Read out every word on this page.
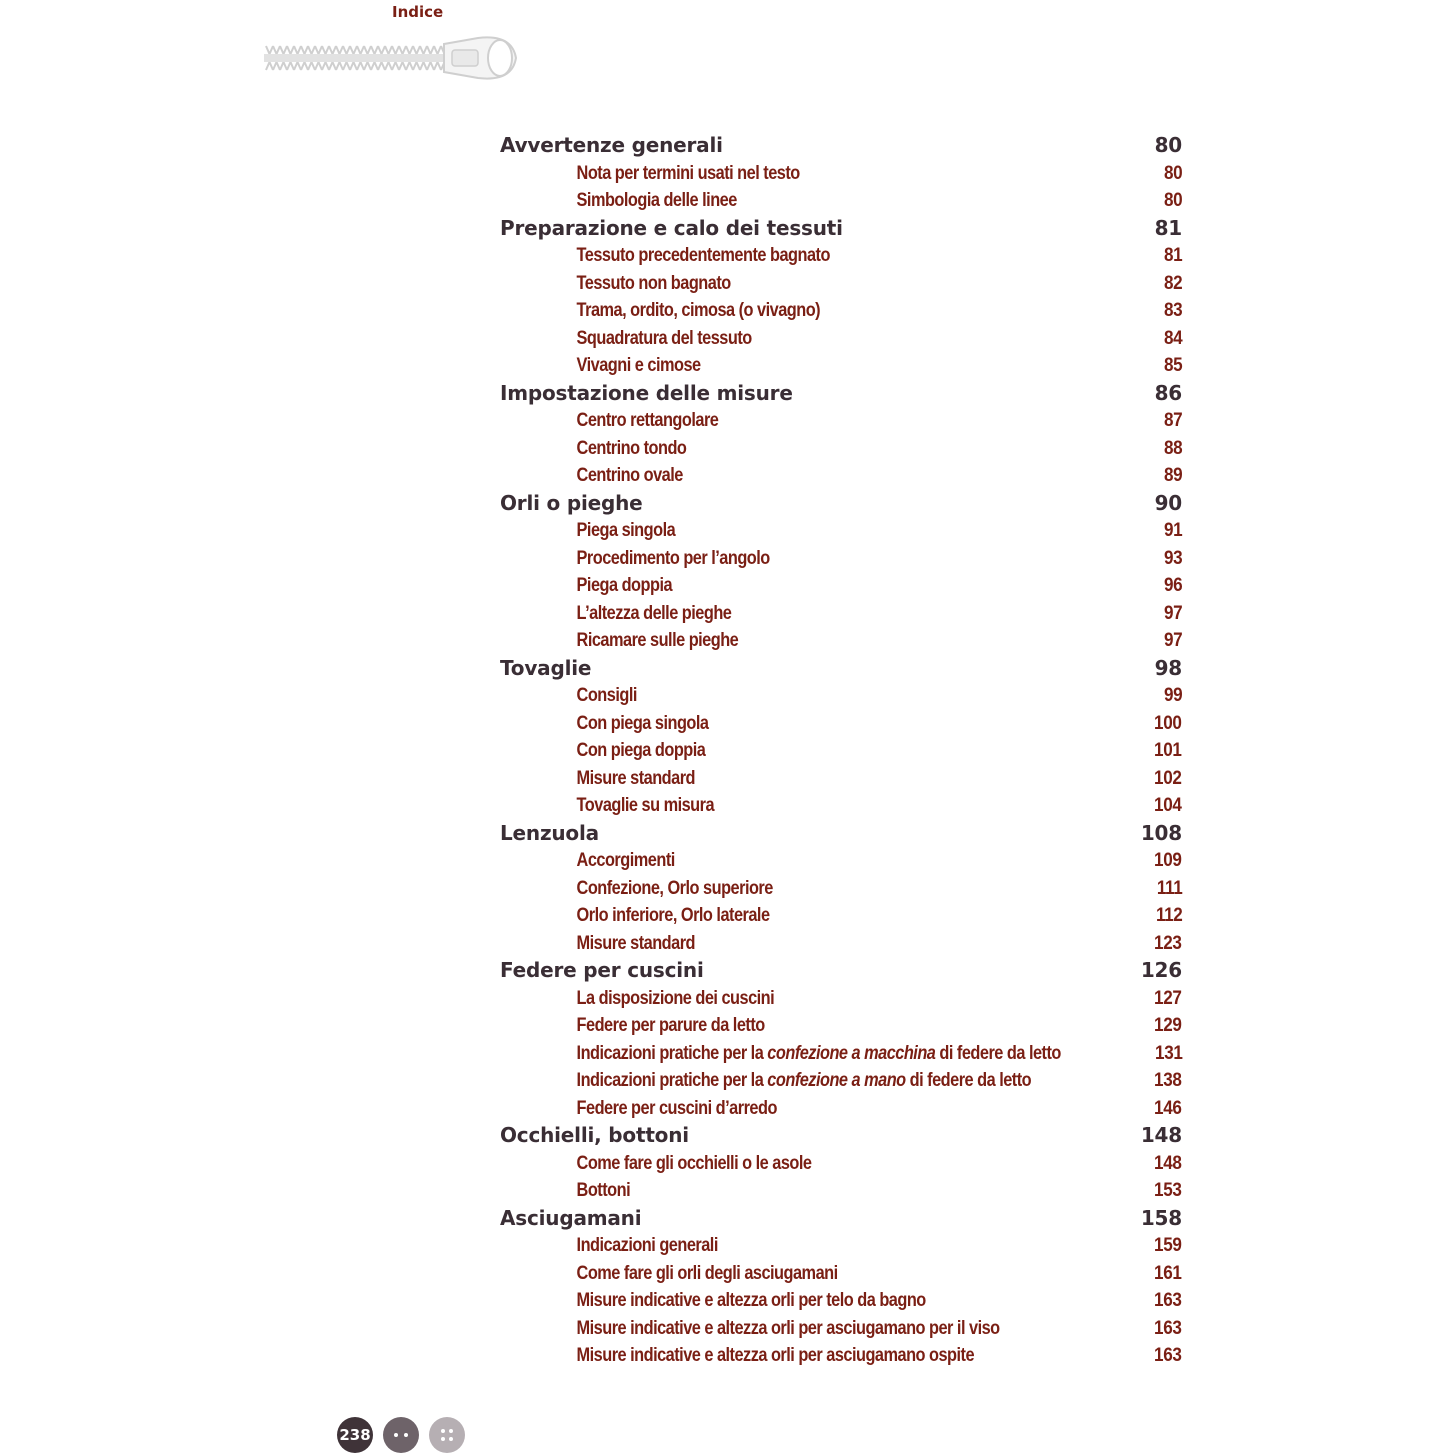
Indice
Avvertenze generali	80
Nota per termini usati nel testo	80
Simbologia delle linee	80
Preparazione e calo dei tessuti	81
Tessuto precedentemente bagnato	81
Tessuto non bagnato	82
Trama, ordito, cimosa (o vivagno)	83
Squadratura del tessuto	84
Vivagni e cimose	85
Impostazione delle misure	86
Centro rettangolare	87
Centrino tondo	88
Centrino ovale	89
Orli o pieghe	90
Piega singola	91
Procedimento per l’angolo	93
Piega doppia	96
L’altezza delle pieghe	97
Ricamare sulle pieghe	97
Tovaglie	98
Consigli	99
Con piega singola	100
Con piega doppia	101
Misure standard	102
Tovaglie su misura	104
Lenzuola	108
Accorgimenti	109
Confezione, Orlo superiore	111
Orlo inferiore, Orlo laterale	112
Misure standard	123
Federe per cuscini	126
La disposizione dei cuscini	127
Federe per parure da letto	129
Indicazioni pratiche per la confezione a macchina di federe da letto	131
Indicazioni pratiche per la confezione a mano di federe da letto	138
Federe per cuscini d’arredo	146
Occhielli, bottoni	148
Come fare gli occhielli o le asole	148
Bottoni	153
Asciugamani	158
Indicazioni generali	159
Come fare gli orli degli asciugamani	161
Misure indicative e altezza orli per telo da bagno	163
Misure indicative e altezza orli per asciugamano per il viso	163
Misure indicative e altezza orli per asciugamano ospite	163
238
